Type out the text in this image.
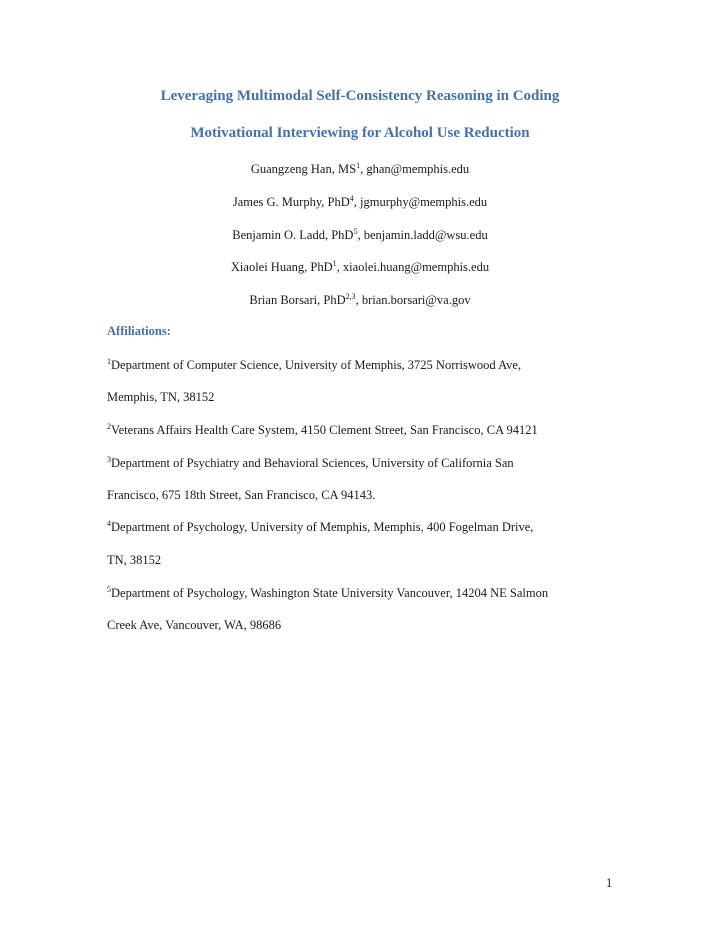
Leveraging Multimodal Self-Consistency Reasoning in Coding
Motivational Interviewing for Alcohol Use Reduction

Guangzeng Han, $MS^1$, ghan@memphis.edu

James G. Murphy, PhD$^4$, jgmurphy@memphis.edu

Benjamin O. Ladd, PhD$^5$, benjamin.ladd@wsu.edu

Xiaolei Huang, PhD$^1$, xiaolei.huang@memphis.edu

Brian Borsari, PhD$^{2,3}$, brian.borsari@va.gov

Affiliations:

$^1$Department of Computer Science, University of Memphis, 3725 Norriswood Ave,

Memphis, TN, 38152

$^2$Veterans Affairs Health Care System, 4150 Clement Street, San Francisco, CA 94121

$^3$Department of Psychiatry and Behavioral Sciences, University of California San

Francisco, 675 18th Street, San Francisco, CA 94143.

$^4$Department of Psychology, University of Memphis, Memphis, 400 Fogelman Drive,

TN, 38152

$^5$Department of Psychology, Washington State University Vancouver, 14204 NE Salmon

Creek Ave, Vancouver, WA, 98686

1
